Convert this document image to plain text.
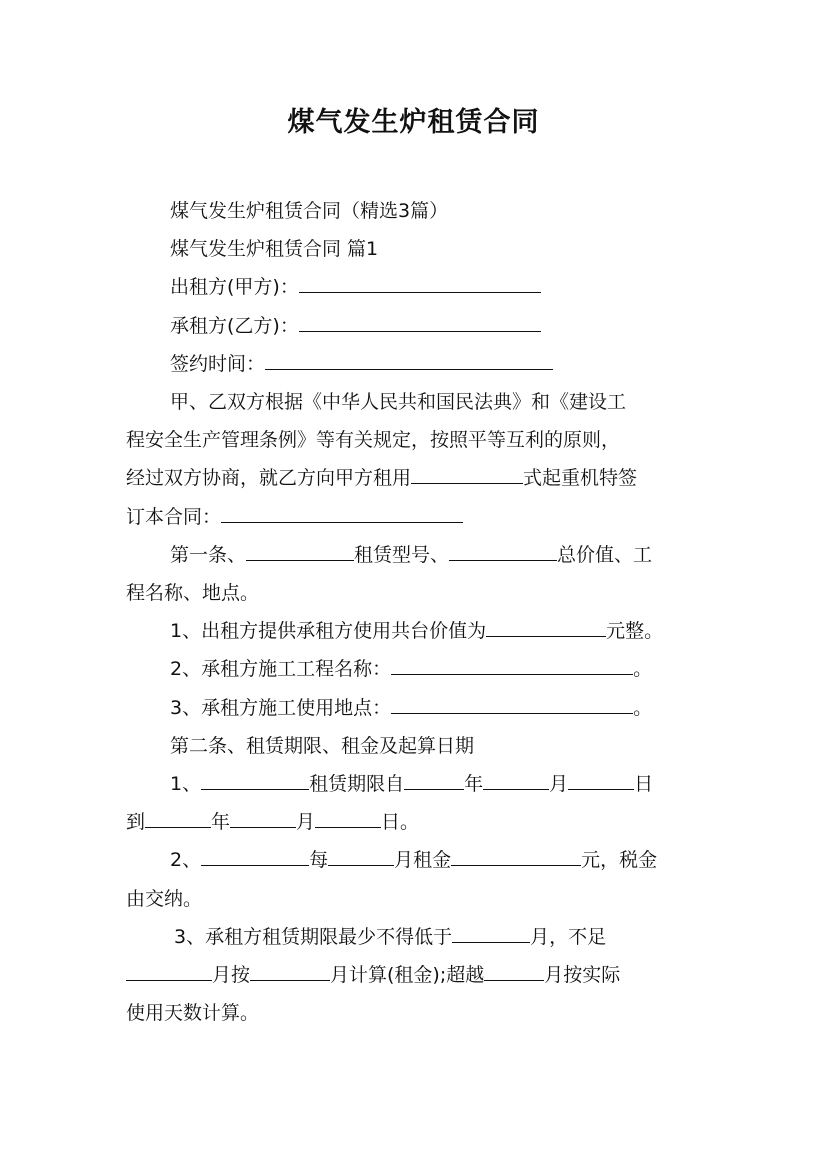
煤气发生炉租赁合同

煤气发生炉租赁合同（精选3篇）

煤气发生炉租赁合同 篇1

出租方(甲方)：

承租方(乙方)：

签约时间：

甲、乙双方根据《中华人民共和国民法典》和《建设工

程安全生产管理条例》等有关规定，按照平等互利的原则，

经过双方协商，就乙方向甲方租用	式起重机特签

订本合同：

第一条、	租赁型号、	总价值、工

程名称、地点。

1、出租方提供承租方使用共台价值为	元整。

2、承租方施工工程名称：	。

3、承租方施工使用地点：	。

第二条、租赁期限、租金及起算日期

1、	租赁期限自	年	月	日

到	年	月	日。

2、	每	月租金	元，税金

由交纳。

3、承租方租赁期限最少不得低于	月，不足

月按	月计算(租金);超越	月按实际

使用天数计算。
